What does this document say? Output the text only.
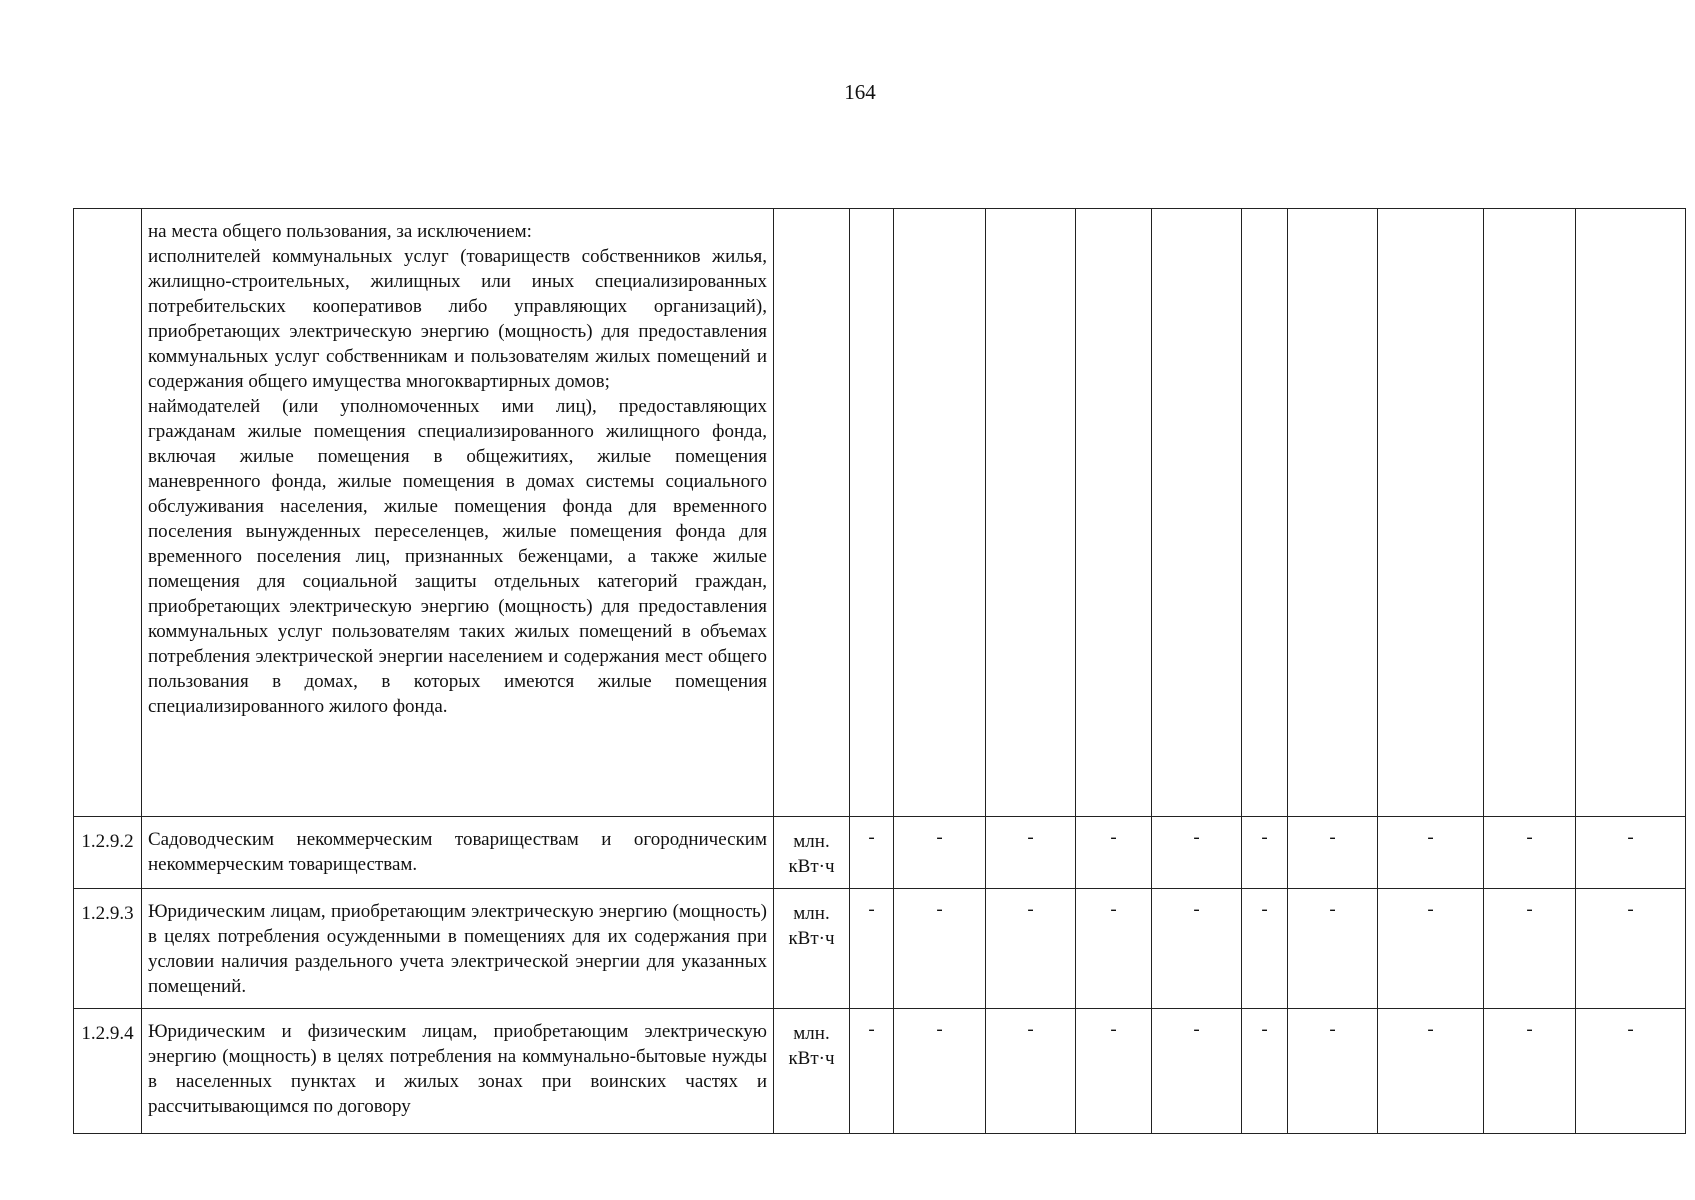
164

	на места общего пользования, за исключением:

исполнителей коммунальных услуг (товариществ собственников жилья, жилищно-строительных, жилищных или иных специализированных потребительских кооперативов либо управляющих организаций), приобретающих электрическую энергию (мощность) для предоставления коммунальных услуг собственникам и пользователям жилых помещений и содержания общего имущества многоквартирных домов;

наймодателей (или уполномоченных ими лиц), предоставляющих гражданам жилые помещения специализированного жилищного фонда, включая жилые помещения в общежитиях, жилые помещения маневренного фонда, жилые помещения в домах системы социального обслуживания населения, жилые помещения фонда для временного поселения вынужденных переселенцев, жилые помещения фонда для временного поселения лиц, признанных беженцами, а также жилые помещения для социальной защиты отдельных категорий граждан, приобретающих электрическую энергию (мощность) для предоставления коммунальных услуг пользователям таких жилых помещений в объемах потребления электрической энергии населением и содержания мест общего пользования в домах, в которых имеются жилые помещения специализированного жилого фонда.											

1.2.9.2	Садоводческим некоммерческим товариществам и огородническим некоммерческим товариществам.	млн. кВт·ч	-	-	-	-	-	-	-	-	-	-
1.2.9.3	Юридическим лицам, приобретающим электрическую энергию (мощность) в целях потребления осужденными в помещениях для их содержания при условии наличия раздельного учета электрической энергии для указанных помещений.	млн. кВт·ч	-	-	-	-	-	-	-	-	-	-
1.2.9.4	Юридическим и физическим лицам, приобретающим электрическую энергию (мощность) в целях потребления на коммунально-бытовые нужды в населенных пунктах и жилых зонах при воинских частях и рассчитывающимся по договору	млн. кВт·ч	-	-	-	-	-	-	-	-	-	-
